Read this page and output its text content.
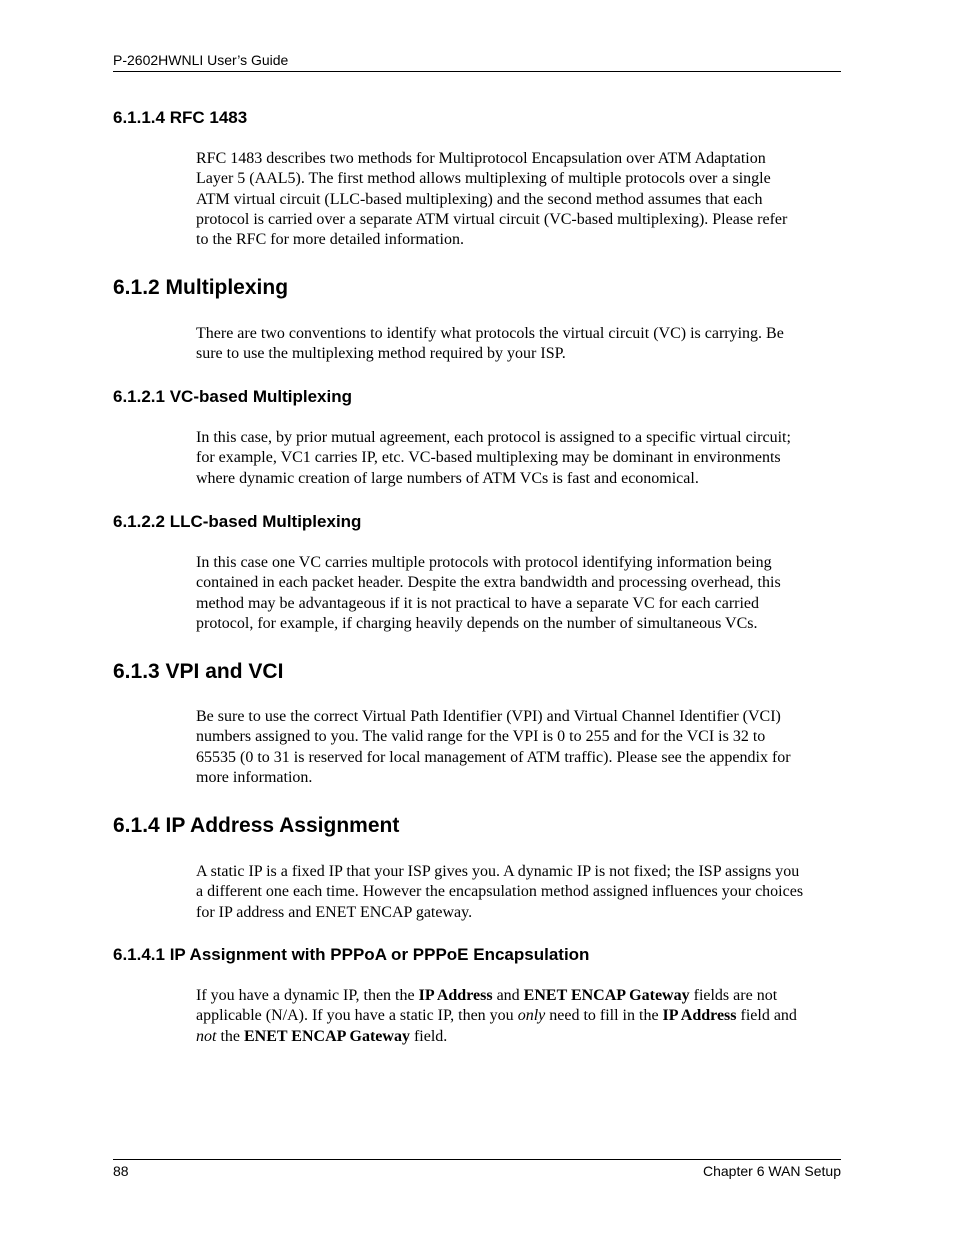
P-2602HWNLI User’s Guide
6.1.1.4 RFC 1483
RFC 1483 describes two methods for Multiprotocol Encapsulation over ATM Adaptation
Layer 5 (AAL5). The first method allows multiplexing of multiple protocols over a single
ATM virtual circuit (LLC-based multiplexing) and the second method assumes that each
protocol is carried over a separate ATM virtual circuit (VC-based multiplexing). Please refer
to the RFC for more detailed information.
6.1.2 Multiplexing
There are two conventions to identify what protocols the virtual circuit (VC) is carrying. Be
sure to use the multiplexing method required by your ISP.
6.1.2.1 VC-based Multiplexing
In this case, by prior mutual agreement, each protocol is assigned to a specific virtual circuit;
for example, VC1 carries IP, etc. VC-based multiplexing may be dominant in environments
where dynamic creation of large numbers of ATM VCs is fast and economical.
6.1.2.2 LLC-based Multiplexing
In this case one VC carries multiple protocols with protocol identifying information being
contained in each packet header. Despite the extra bandwidth and processing overhead, this
method may be advantageous if it is not practical to have a separate VC for each carried
protocol, for example, if charging heavily depends on the number of simultaneous VCs.
6.1.3 VPI and VCI
Be sure to use the correct Virtual Path Identifier (VPI) and Virtual Channel Identifier (VCI)
numbers assigned to you. The valid range for the VPI is 0 to 255 and for the VCI is 32 to
65535 (0 to 31 is reserved for local management of ATM traffic). Please see the appendix for
more information.
6.1.4 IP Address Assignment
A static IP is a fixed IP that your ISP gives you. A dynamic IP is not fixed; the ISP assigns you
a different one each time. However the encapsulation method assigned influences your choices
for IP address and ENET ENCAP gateway.
6.1.4.1 IP Assignment with PPPoA or PPPoE Encapsulation
If you have a dynamic IP, then the IP Address and ENET ENCAP Gateway fields are not
applicable (N/A). If you have a static IP, then you only need to fill in the IP Address field and
not the ENET ENCAP Gateway field.
88	Chapter 6 WAN Setup
